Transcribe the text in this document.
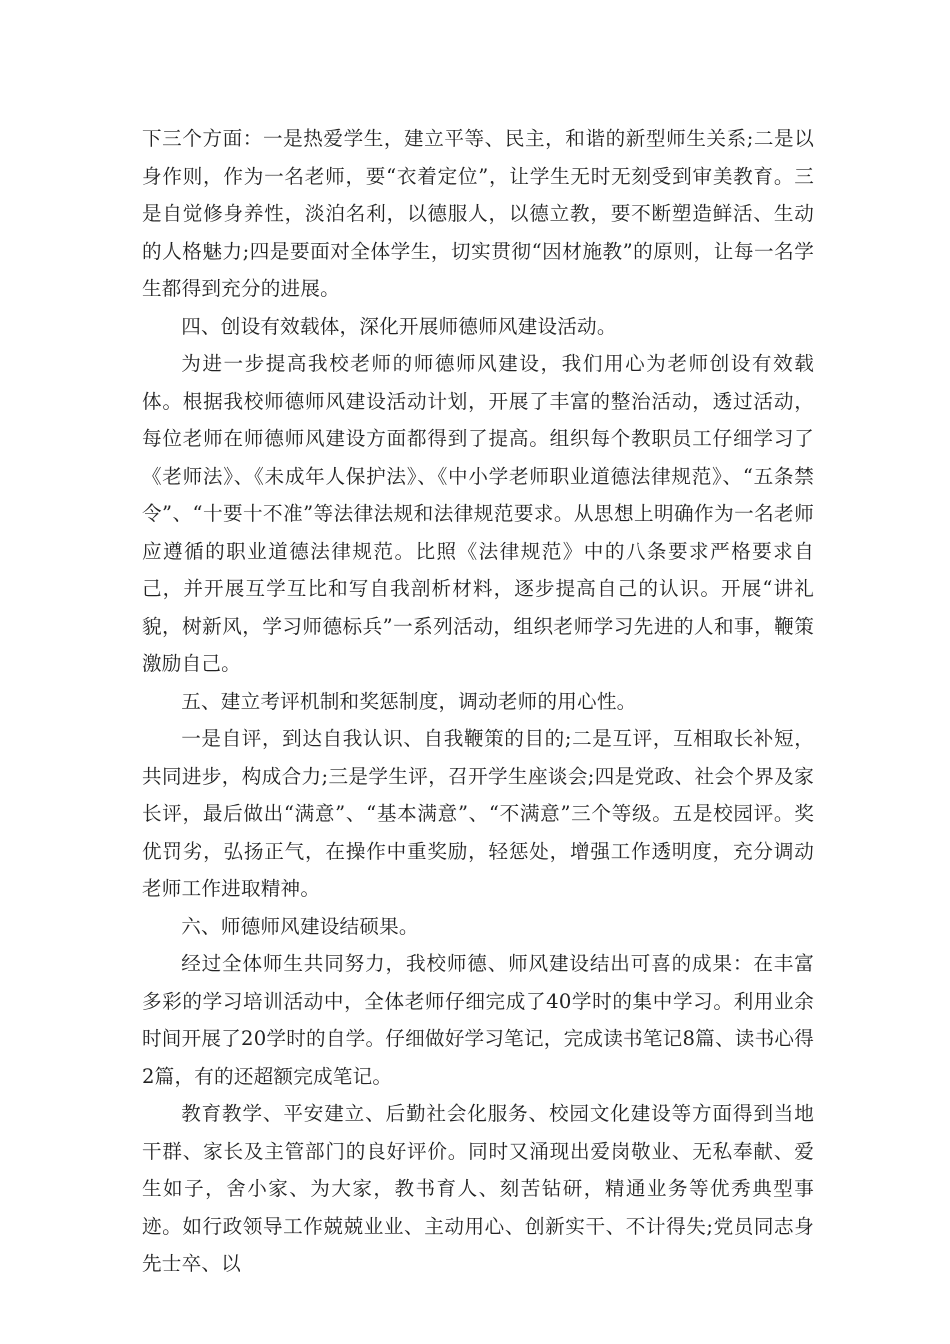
下三个方面：一是热爱学生，建立平等、民主，和谐的新型师生关系;二是以身作则，作为一名老师，要“衣着定位”，让学生无时无刻受到审美教育。三是自觉修身养性，淡泊名利，以德服人，以德立教，要不断塑造鲜活、生动的人格魅力;四是要面对全体学生，切实贯彻“因材施教”的原则，让每一名学生都得到充分的进展。

四、创设有效载体，深化开展师德师风建设活动。

为进一步提高我校老师的师德师风建设，我们用心为老师创设有效载体。根据我校师德师风建设活动计划，开展了丰富的整治活动，透过活动，每位老师在师德师风建设方面都得到了提高。组织每个教职员工仔细学习了《老师法》、《未成年人保护法》、《中小学老师职业道德法律规范》、“五条禁令”、“十要十不准”等法律法规和法律规范要求。从思想上明确作为一名老师应遵循的职业道德法律规范。比照《法律规范》中的八条要求严格要求自己，并开展互学互比和写自我剖析材料，逐步提高自己的认识。开展“讲礼貌，树新风，学习师德标兵”一系列活动，组织老师学习先进的人和事，鞭策激励自己。

五、建立考评机制和奖惩制度，调动老师的用心性。

一是自评，到达自我认识、自我鞭策的目的;二是互评，互相取长补短，共同进步，构成合力;三是学生评，召开学生座谈会;四是党政、社会个界及家长评，最后做出“满意”、“基本满意”、“不满意”三个等级。五是校园评。奖优罚劣，弘扬正气，在操作中重奖励，轻惩处，增强工作透明度，充分调动老师工作进取精神。

六、师德师风建设结硕果。

经过全体师生共同努力，我校师德、师风建设结出可喜的成果：在丰富多彩的学习培训活动中，全体老师仔细完成了40学时的集中学习。利用业余时间开展了20学时的自学。仔细做好学习笔记，完成读书笔记8篇、读书心得2篇，有的还超额完成笔记。

教育教学、平安建立、后勤社会化服务、校园文化建设等方面得到当地干群、家长及主管部门的良好评价。同时又涌现出爱岗敬业、无私奉献、爱生如子，舍小家、为大家，教书育人、刻苦钻研，精通业务等优秀典型事迹。如行政领导工作兢兢业业、主动用心、创新实干、不计得失;党员同志身先士卒、以
